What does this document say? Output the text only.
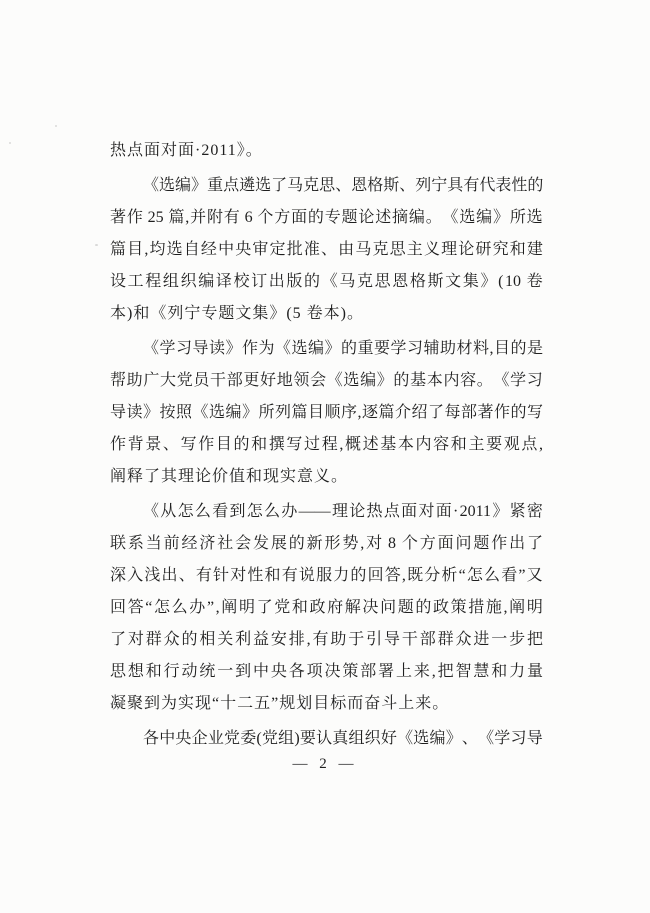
热点面对面·2011》。
《 选 编 》 重 点 遴 选 了 马 克 思 、 恩 格 斯 、 列 宁 具 有 代 表 性 的
著 作 25 篇 , 并 附 有 6 个 方 面 的 专 题 论 述 摘 编 。 《 选 编 》 所 选
篇 目 , 均 选 自 经 中 央 审 定 批 准 、 由 马 克 思 主 义 理 论 研 究 和 建
设 工 程 组 织 编 译 校 订 出 版 的 《 马 克 思 恩 格 斯 文 集 》 ( 10 卷
本)和《列宁专题文集》(5 卷本)。
《 学 习 导 读 》 作 为 《 选 编 》 的 重 要 学 习 辅 助 材 料 , 目 的 是
帮 助 广 大 党 员 干 部 更 好 地 领 会 《 选 编 》 的 基 本 内 容 。 《 学 习
导 读 》 按 照 《 选 编 》 所 列 篇 目 顺 序 , 逐 篇 介 绍 了 每 部 著 作 的 写
作 背 景 、 写 作 目 的 和 撰 写 过 程 , 概 述 基 本 内 容 和 主 要 观 点 ,
阐释了其理论价值和现实意义。
《 从 怎 么 看 到 怎 么 办 —— 理 论 热 点 面 对 面 · 2011 》 紧 密
联 系 当 前 经 济 社 会 发 展 的 新 形 势 , 对 8 个 方 面 问 题 作 出 了
深 入 浅 出 、 有 针 对 性 和 有 说 服 力 的 回 答 , 既 分 析 “ 怎 么 看 ” 又
回 答 “ 怎 么 办 ” , 阐 明 了 党 和 政 府 解 决 问 题 的 政 策 措 施 , 阐 明
了 对 群 众 的 相 关 利 益 安 排 , 有 助 于 引 导 干 部 群 众 进 一 步 把
思 想 和 行 动 统 一 到 中 央 各 项 决 策 部 署 上 来 , 把 智 慧 和 力 量
凝聚到为实现“十二五”规划目标而奋斗上来。
各 中 央 企 业 党 委 ( 党 组 ) 要 认 真 组 织 好 《 选 编 》 、 《 学 习 导
— 2 —
